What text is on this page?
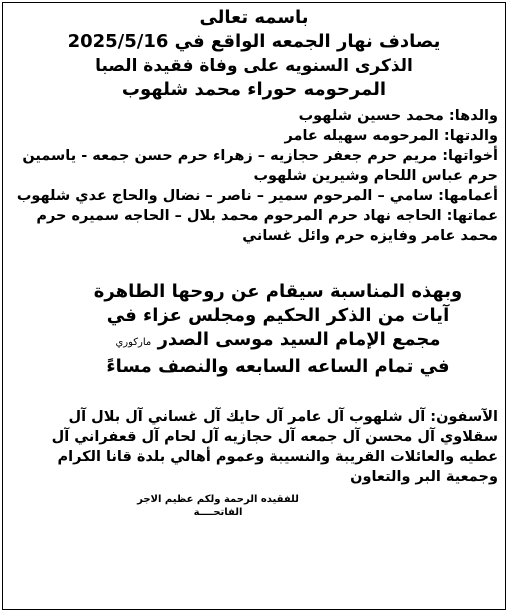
باسمه تعالى
يصادف نهار الجمعه الواقع في 2025/5/16
الذكرى السنويه على وفاة فقيدة الصبا
المرحومه حوراء محمد شلهوب
والدها: محمد حسين شلهوب
والدتها: المرحومه سهيله عامر
أخواتها: مريم حرم جعفر حجازيه – زهراء حرم حسن جمعه - ياسمين حرم عباس اللحام وشيرين شلهوب
أعمامها: سامي – المرحوم سمير – ناصر – نضال والحاج عدي شلهوب
عماتها: الحاجه نهاد حرم المرحوم محمد بلال – الحاجه سميره حرم محمد عامر وفايزه حرم وائل غساني
وبهذه المناسبة سيقام عن روحها الطاهرة
آيات من الذكر الحكيم ومجلس عزاء في
مجمع الإمام السيد موسى الصدر ماركوري
في تمام الساعه السابعه والنصف مساءً
الآسفون: آل شلهوب آل عامر آل حايك آل غساني آل بلال آل سقلاوي آل محسن آل جمعه آل حجازيه آل لحام آل قعفراني آل عطيه والعائلات القريبة والنسيبة وعموم أهالي بلدة قانا الكرام وجمعية البر والتعاون
للفقيده الرحمة ولكم عظيم الاجر
الفاتحــــة
